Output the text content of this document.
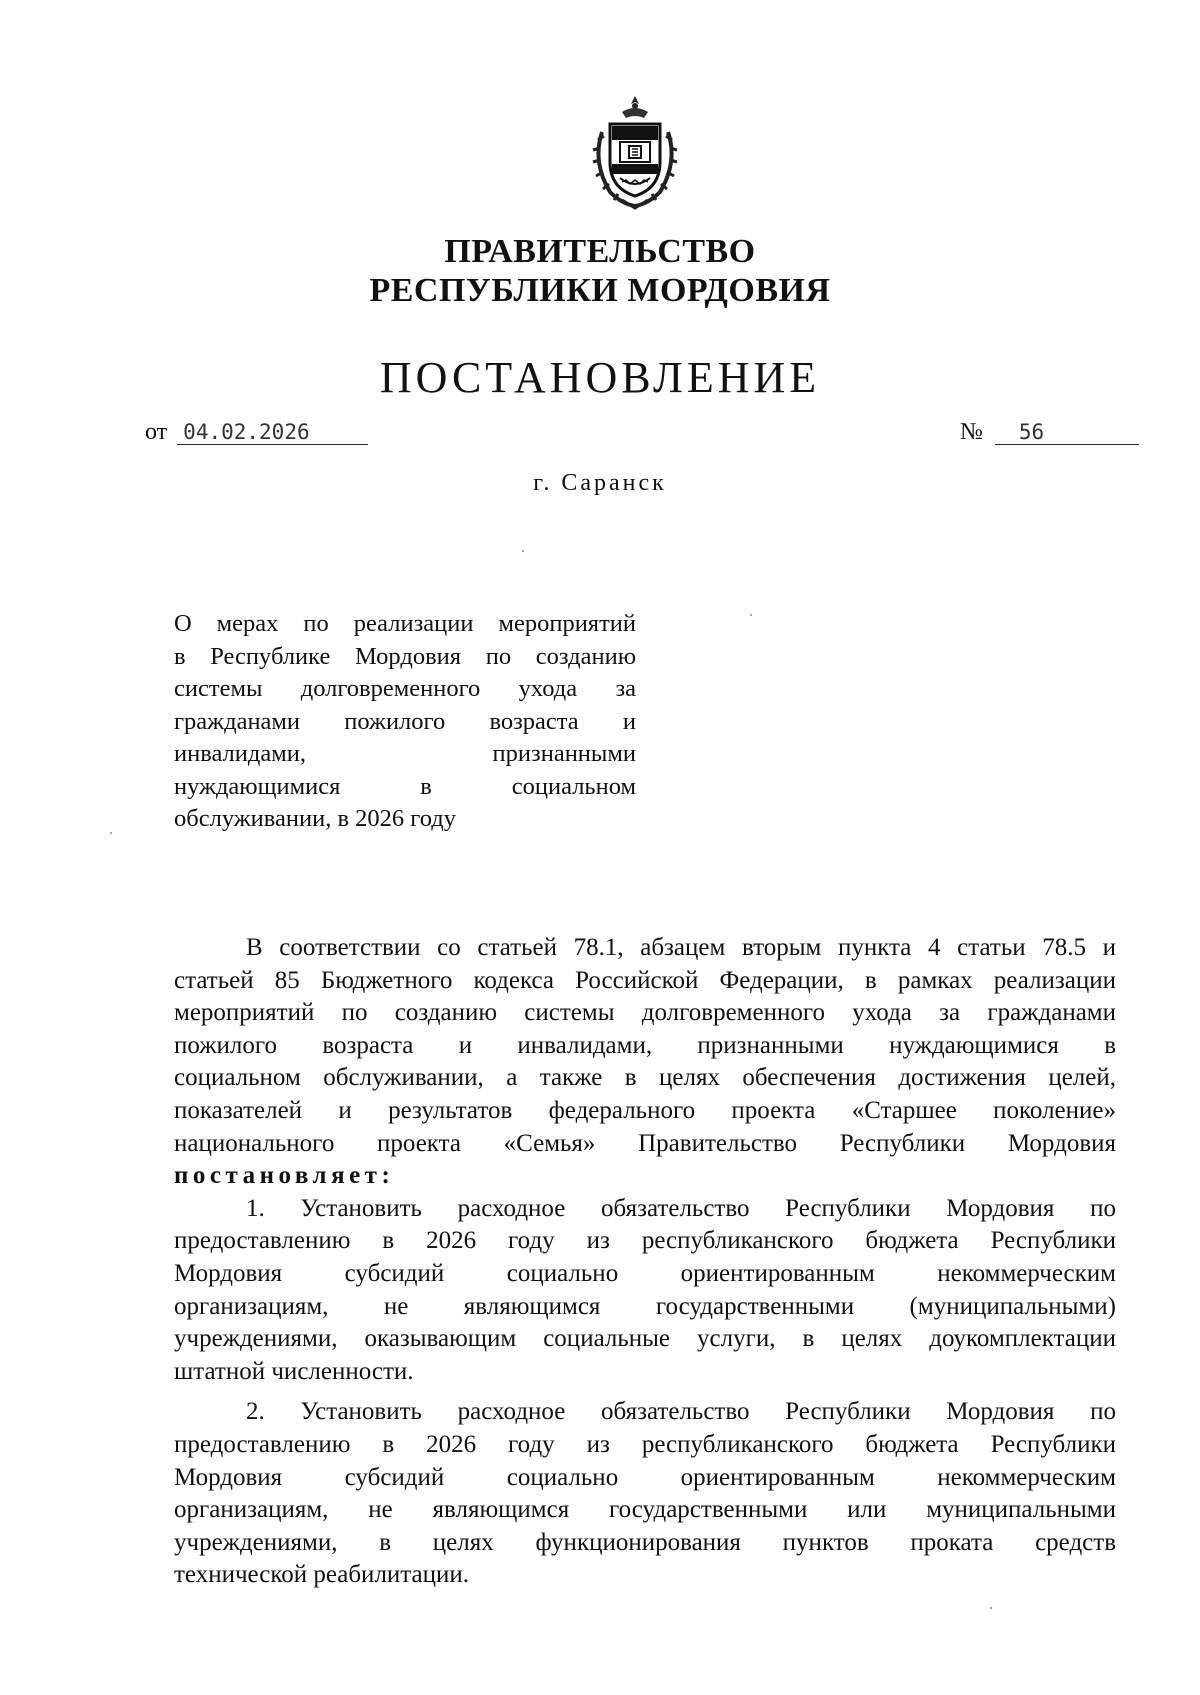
ПРАВИТЕЛЬСТВО
РЕСПУБЛИКИ МОРДОВИЯ
ПОСТАНОВЛЕНИЕ
от 04.02.2026	№ 56
г. Саранск
О мерах по реализации мероприятий
в Республике Мордовия по созданию
системы долговременного ухода за
гражданами пожилого возраста и
инвалидами, признанными
нуждающимися в социальном
обслуживании, в 2026 году
В соответствии со статьей 78.1, абзацем вторым пункта 4 статьи 78.5 и
статьей 85 Бюджетного кодекса Российской Федерации, в рамках реализации
мероприятий по созданию системы долговременного ухода за гражданами
пожилого возраста и инвалидами, признанными нуждающимися в
социальном обслуживании, а также в целях обеспечения достижения целей,
показателей и результатов федерального проекта «Старшее поколение»
национального проекта «Семья» Правительство Республики Мордовия
постановляет:
1. Установить расходное обязательство Республики Мордовия по
предоставлению в 2026 году из республиканского бюджета Республики
Мордовия субсидий социально ориентированным некоммерческим
организациям, не являющимся государственными (муниципальными)
учреждениями, оказывающим социальные услуги, в целях доукомплектации
штатной численности.
2. Установить расходное обязательство Республики Мордовия по
предоставлению в 2026 году из республиканского бюджета Республики
Мордовия субсидий социально ориентированным некоммерческим
организациям, не являющимся государственными или муниципальными
учреждениями, в целях функционирования пунктов проката средств
технической реабилитации.
